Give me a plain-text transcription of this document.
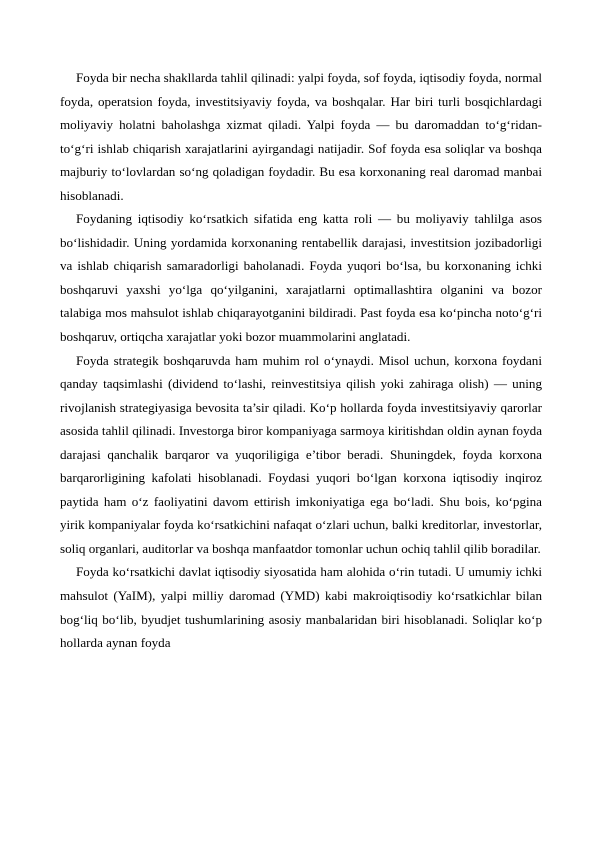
Foyda bir necha shakllarda tahlil qilinadi: yalpi foyda, sof foyda, iqtisodiy foyda, normal foyda, operatsion foyda, investitsiyaviy foyda, va boshqalar. Har biri turli bosqichlardagi moliyaviy holatni baholashga xizmat qiladi. Yalpi foyda — bu daromaddan to‘g‘ridan-to‘g‘ri ishlab chiqarish xarajatlarini ayirgandagi natijadir. Sof foyda esa soliqlar va boshqa majburiy to‘lovlardan so‘ng qoladigan foydadir. Bu esa korxonaning real daromad manbai hisoblanadi.

Foydaning iqtisodiy ko‘rsatkich sifatida eng katta roli — bu moliyaviy tahlilga asos bo‘lishidadir. Uning yordamida korxonaning rentabellik darajasi, investitsion jozibadorligi va ishlab chiqarish samaradorligi baholanadi. Foyda yuqori bo‘lsa, bu korxonaning ichki boshqaruvi yaxshi yo‘lga qo‘yilganini, xarajatlarni optimallashtira olganini va bozor talabiga mos mahsulot ishlab chiqarayotganini bildiradi. Past foyda esa ko‘pincha noto‘g‘ri boshqaruv, ortiqcha xarajatlar yoki bozor muammolarini anglatadi.

Foyda strategik boshqaruvda ham muhim rol o‘ynaydi. Misol uchun, korxona foydani qanday taqsimlashi (dividend to‘lashi, reinvestitsiya qilish yoki zahiraga olish) — uning rivojlanish strategiyasiga bevosita ta’sir qiladi. Ko‘p hollarda foyda investitsiyaviy qarorlar asosida tahlil qilinadi. Investorga biror kompaniyaga sarmoya kiritishdan oldin aynan foyda darajasi qanchalik barqaror va yuqoriligiga e’tibor beradi. Shuningdek, foyda korxona barqarorligining kafolati hisoblanadi. Foydasi yuqori bo‘lgan korxona iqtisodiy inqiroz paytida ham o‘z faoliyatini davom ettirish imkoniyatiga ega bo‘ladi. Shu bois, ko‘pgina yirik kompaniyalar foyda ko‘rsatkichini nafaqat o‘zlari uchun, balki kreditorlar, investorlar, soliq organlari, auditorlar va boshqa manfaatdor tomonlar uchun ochiq tahlil qilib boradilar.

Foyda ko‘rsatkichi davlat iqtisodiy siyosatida ham alohida o‘rin tutadi. U umumiy ichki mahsulot (YaIM), yalpi milliy daromad (YMD) kabi makroiqtisodiy ko‘rsatkichlar bilan bog‘liq bo‘lib, byudjet tushumlarining asosiy manbalaridan biri hisoblanadi. Soliqlar ko‘p hollarda aynan foyda
